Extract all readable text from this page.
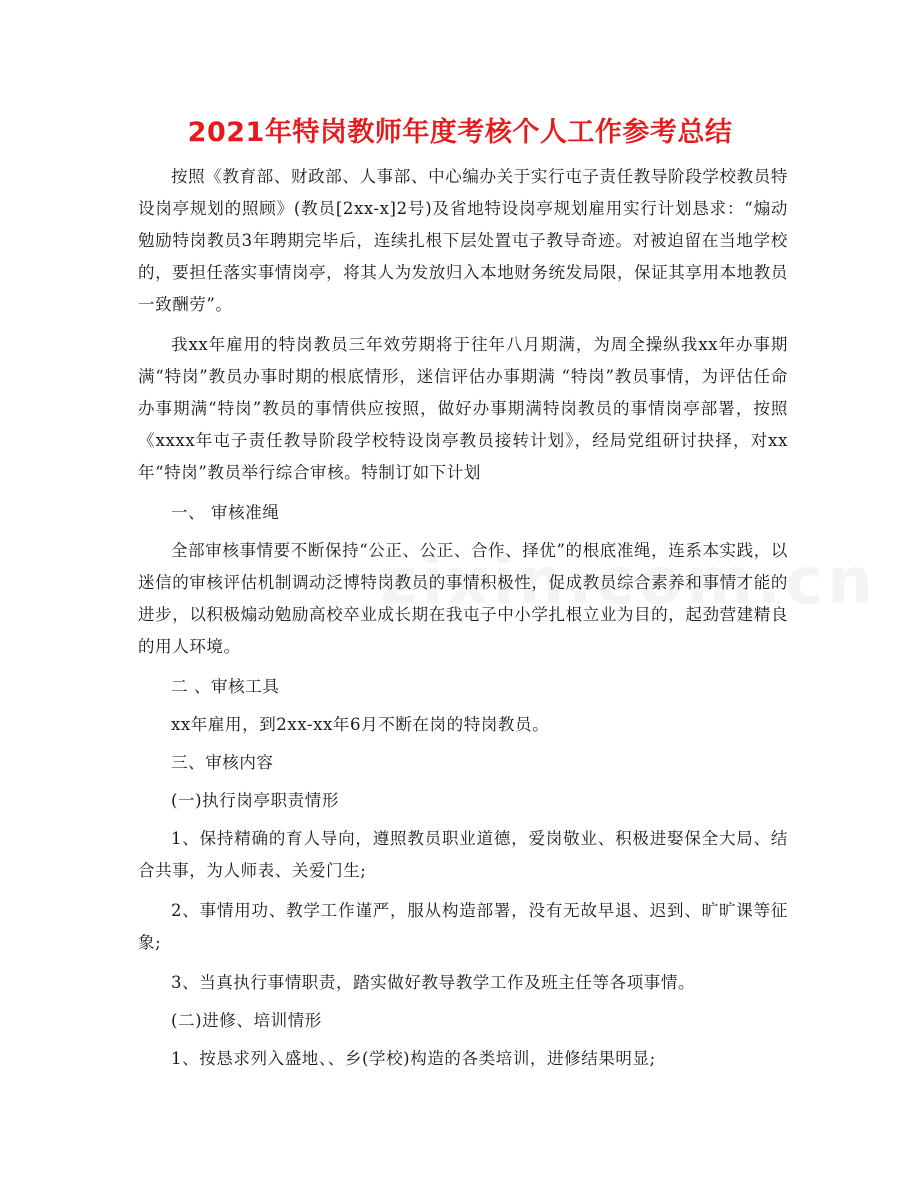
2021年特岗教师年度考核个人工作参考总结

按照《教育部、财政部、人事部、中心编办关于实行屯子责任教导阶段学校教员特设岗亭规划的照顾》(教员[2xx-x]2号)及省地特设岗亭规划雇用实行计划恳求：“煽动勉励特岗教员3年聘期完毕后，连续扎根下层处置屯子教导奇迹。对被迫留在当地学校的，要担任落实事情岗亭，将其人为发放归入本地财务统发局限，保证其享用本地教员一致酬劳”。

我xx年雇用的特岗教员三年效劳期将于往年八月期满，为周全操纵我xx年办事期满“特岗”教员办事时期的根底情形，迷信评估办事期满 “特岗”教员事情，为评估任命办事期满“特岗”教员的事情供应按照，做好办事期满特岗教员的事情岗亭部署，按照《xxxx年屯子责任教导阶段学校特设岗亭教员接转计划》，经局党组研讨抉择，对xx年“特岗”教员举行综合审核。特制订如下计划

一、 审核准绳

全部审核事情要不断保持“公正、公正、合作、择优”的根底准绳，连系本实践，以迷信的审核评估机制调动泛博特岗教员的事情积极性，促成教员综合素养和事情才能的进步，以积极煽动勉励高校卒业成长期在我屯子中小学扎根立业为目的，起劲营建精良的用人环境。

二 、审核工具

xx年雇用，到2xx-xx年6月不断在岗的特岗教员。

三、审核内容

(一)执行岗亭职责情形

1、保持精确的育人导向，遵照教员职业道德，爱岗敬业、积极进娶保全大局、结合共事，为人师表、关爱门生;

2、事情用功、教学工作谨严，服从构造部署，没有无故早退、迟到、旷旷课等征象;

3、当真执行事情职责，踏实做好教导教学工作及班主任等各项事情。

(二)进修、培训情形

1、按恳求列入盛地、、乡(学校)构造的各类培训，进修结果明显;
